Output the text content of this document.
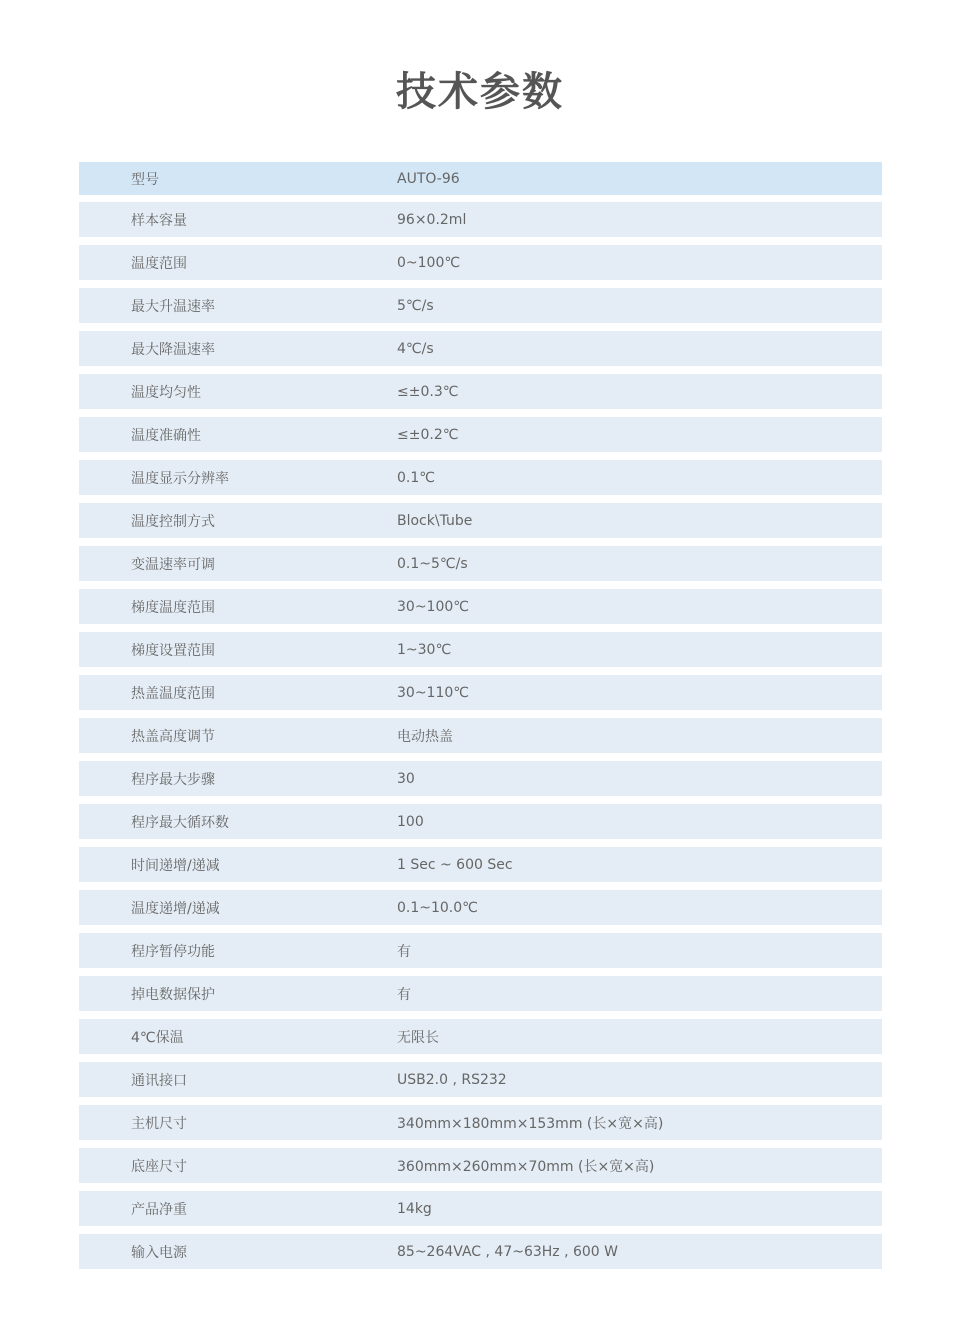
技术参数
型号	AUTO-96
样本容量	96×0.2ml
温度范围	0~100℃
最大升温速率	5℃/s
最大降温速率	4℃/s
温度均匀性	≤±0.3℃
温度准确性	≤±0.2℃
温度显示分辨率	0.1℃
温度控制方式	Block\Tube
变温速率可调	0.1~5℃/s
梯度温度范围	30~100℃
梯度设置范围	1~30℃
热盖温度范围	30~110℃
热盖高度调节	电动热盖
程序最大步骤	30
程序最大循环数	100
时间递增/递减	1 Sec ~ 600 Sec
温度递增/递减	0.1~10.0℃
程序暂停功能	有
掉电数据保护	有
4℃保温	无限长
通讯接口	USB2.0 , RS232
主机尺寸	340mm×180mm×153mm (长×宽×高)
底座尺寸	360mm×260mm×70mm (长×宽×高)
产品净重	14kg
输入电源	85~264VAC , 47~63Hz , 600 W
